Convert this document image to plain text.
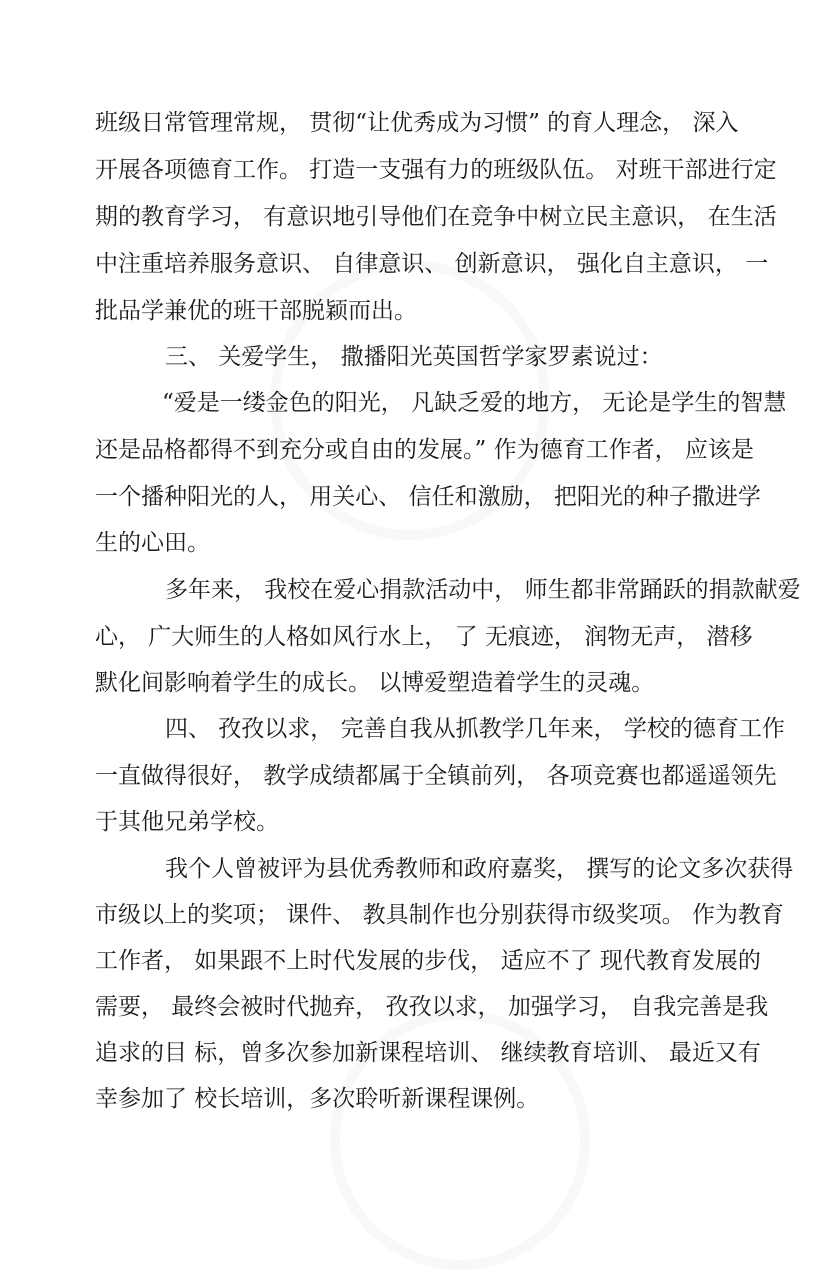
班级日常管理常规， 贯彻“让优秀成为习惯” 的育人理念， 深入
开展各项德育工作。 打造一支强有力的班级队伍。 对班干部进行定
期的教育学习， 有意识地引导他们在竞争中树立民主意识， 在生活
中注重培养服务意识、 自律意识、 创新意识， 强化自主意识， 一
批品学兼优的班干部脱颖而出。
三、 关爱学生， 撒播阳光英国哲学家罗素说过：
“爱是一缕金色的阳光， 凡缺乏爱的地方， 无论是学生的智慧
还是品格都得不到充分或自由的发展。” 作为德育工作者， 应该是
一个播种阳光的人， 用关心、 信任和激励， 把阳光的种子撒进学
生的心田。
多年来， 我校在爱心捐款活动中， 师生都非常踊跃的捐款献爱
心， 广大师生的人格如风行水上， 了 无痕迹， 润物无声， 潜移
默化间影响着学生的成长。 以博爱塑造着学生的灵魂。
四、 孜孜以求， 完善自我从抓教学几年来， 学校的德育工作
一直做得很好， 教学成绩都属于全镇前列， 各项竞赛也都遥遥领先
于其他兄弟学校。
我个人曾被评为县优秀教师和政府嘉奖， 撰写的论文多次获得
市级以上的奖项； 课件、 教具制作也分别获得市级奖项。 作为教育
工作者， 如果跟不上时代发展的步伐， 适应不了 现代教育发展的
需要， 最终会被时代抛弃， 孜孜以求， 加强学习， 自我完善是我
追求的目 标，曾多次参加新课程培训、 继续教育培训、 最近又有
幸参加了 校长培训，多次聆听新课程课例。
